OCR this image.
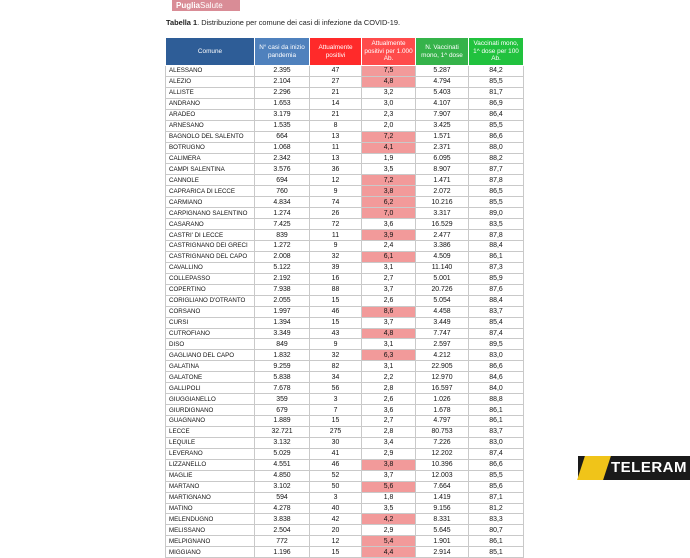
PugliaSalute
Tabella 1. Distribuzione per comune dei casi di infezione da COVID-19.
Comune	N° casi da inizio pandemia	Attualmente positivi	Attualmente positivi per 1.000 Ab.	N. Vaccinati mono, 1^ dose	Vaccinati mono, 1^ dose per 100 Ab.
ALESSANO	2.395	47	7,5	5.287	84,2
ALEZIO	2.104	27	4,8	4.794	85,5
ALLISTE	2.296	21	3,2	5.403	81,7
ANDRANO	1.653	14	3,0	4.107	86,9
ARADEO	3.179	21	2,3	7.907	86,4
ARNESANO	1.535	8	2,0	3.425	85,5
BAGNOLO DEL SALENTO	664	13	7,2	1.571	86,6
BOTRUGNO	1.068	11	4,1	2.371	88,0
CALIMERA	2.342	13	1,9	6.095	88,2
CAMPI SALENTINA	3.576	36	3,5	8.907	87,7
CANNOLE	694	12	7,2	1.471	87,8
CAPRARICA DI LECCE	760	9	3,8	2.072	86,5
CARMIANO	4.834	74	6,2	10.216	85,5
CARPIGNANO SALENTINO	1.274	26	7,0	3.317	89,0
CASARANO	7.425	72	3,6	16.529	83,5
CASTRI' DI LECCE	839	11	3,9	2.477	87,8
CASTRIGNANO DEI GRECI	1.272	9	2,4	3.386	88,4
CASTRIGNANO DEL CAPO	2.008	32	6,1	4.509	86,1
CAVALLINO	5.122	39	3,1	11.140	87,3
COLLEPASSO	2.192	16	2,7	5.001	85,9
COPERTINO	7.938	88	3,7	20.726	87,6
CORIGLIANO D'OTRANTO	2.055	15	2,6	5.054	88,4
CORSANO	1.997	46	8,6	4.458	83,7
CURSI	1.394	15	3,7	3.449	85,4
CUTROFIANO	3.349	43	4,8	7.747	87,4
DISO	849	9	3,1	2.597	89,5
GAGLIANO DEL CAPO	1.832	32	6,3	4.212	83,0
GALATINA	9.259	82	3,1	22.905	86,6
GALATONE	5.838	34	2,2	12.970	84,6
GALLIPOLI	7.678	56	2,8	16.597	84,0
GIUGGIANELLO	359	3	2,6	1.026	88,8
GIURDIGNANO	679	7	3,6	1.678	86,1
GUAGNANO	1.889	15	2,7	4.797	86,1
LECCE	32.721	275	2,8	80.753	83,7
LEQUILE	3.132	30	3,4	7.226	83,0
LEVERANO	5.029	41	2,9	12.202	87,4
LIZZANELLO	4.551	46	3,8	10.396	86,6
MAGLIE	4.850	52	3,7	12.003	85,5
MARTANO	3.102	50	5,6	7.664	85,6
MARTIGNANO	594	3	1,8	1.419	87,1
MATINO	4.278	40	3,5	9.156	81,2
MELENDUGNO	3.838	42	4,2	8.331	83,3
MELISSANO	2.504	20	2,9	5.645	80,7
MELPIGNANO	772	12	5,4	1.901	86,1
MIGGIANO	1.196	15	4,4	2.914	85,1
TELERAM
